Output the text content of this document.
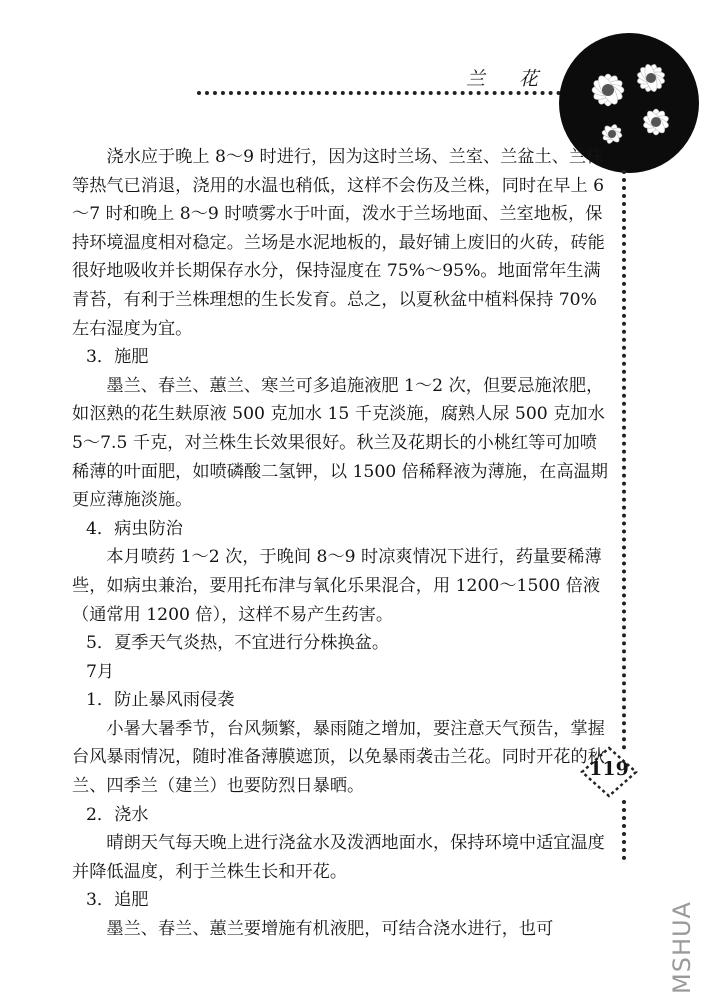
兰 花
119

浇水应于晚上 8～9 时进行，因为这时兰场、兰室、兰盆土、兰株等热气已消退，浇用的水温也稍低，这样不会伤及兰株，同时在早上 6～7 时和晚上 8～9 时喷雾水于叶面，泼水于兰场地面、兰室地板，保持环境温度相对稳定。兰场是水泥地板的，最好铺上废旧的火砖，砖能很好地吸收并长期保存水分，保持湿度在 75%～95%。地面常年生满青苔，有利于兰株理想的生长发育。总之，以夏秋盆中植料保持 70% 左右湿度为宜。

3．施肥

墨兰、春兰、蕙兰、寒兰可多追施液肥 1～2 次，但要忌施浓肥，如沤熟的花生麸原液 500 克加水 15 千克淡施，腐熟人尿 500 克加水 5～7.5 千克，对兰株生长效果很好。秋兰及花期长的小桃红等可加喷稀薄的叶面肥，如喷磷酸二氢钾，以 1500 倍稀释液为薄施，在高温期更应薄施淡施。

4．病虫防治

本月喷药 1～2 次，于晚间 8～9 时凉爽情况下进行，药量要稀薄些，如病虫兼治，要用托布津与氧化乐果混合，用 1200～1500 倍液（通常用 1200 倍），这样不易产生药害。

5．夏季天气炎热，不宜进行分株换盆。

7月

1．防止暴风雨侵袭

小暑大暑季节，台风频繁，暴雨随之增加，要注意天气预告，掌握台风暴雨情况，随时准备薄膜遮顶，以免暴雨袭击兰花。同时开花的秋兰、四季兰（建兰）也要防烈日暴晒。

2．浇水

晴朗天气每天晚上进行浇盆水及泼洒地面水，保持环境中适宜温度并降低温度，利于兰株生长和开花。

3．追肥

墨兰、春兰、蕙兰要增施有机液肥，可结合浇水进行，也可	MSHUA
